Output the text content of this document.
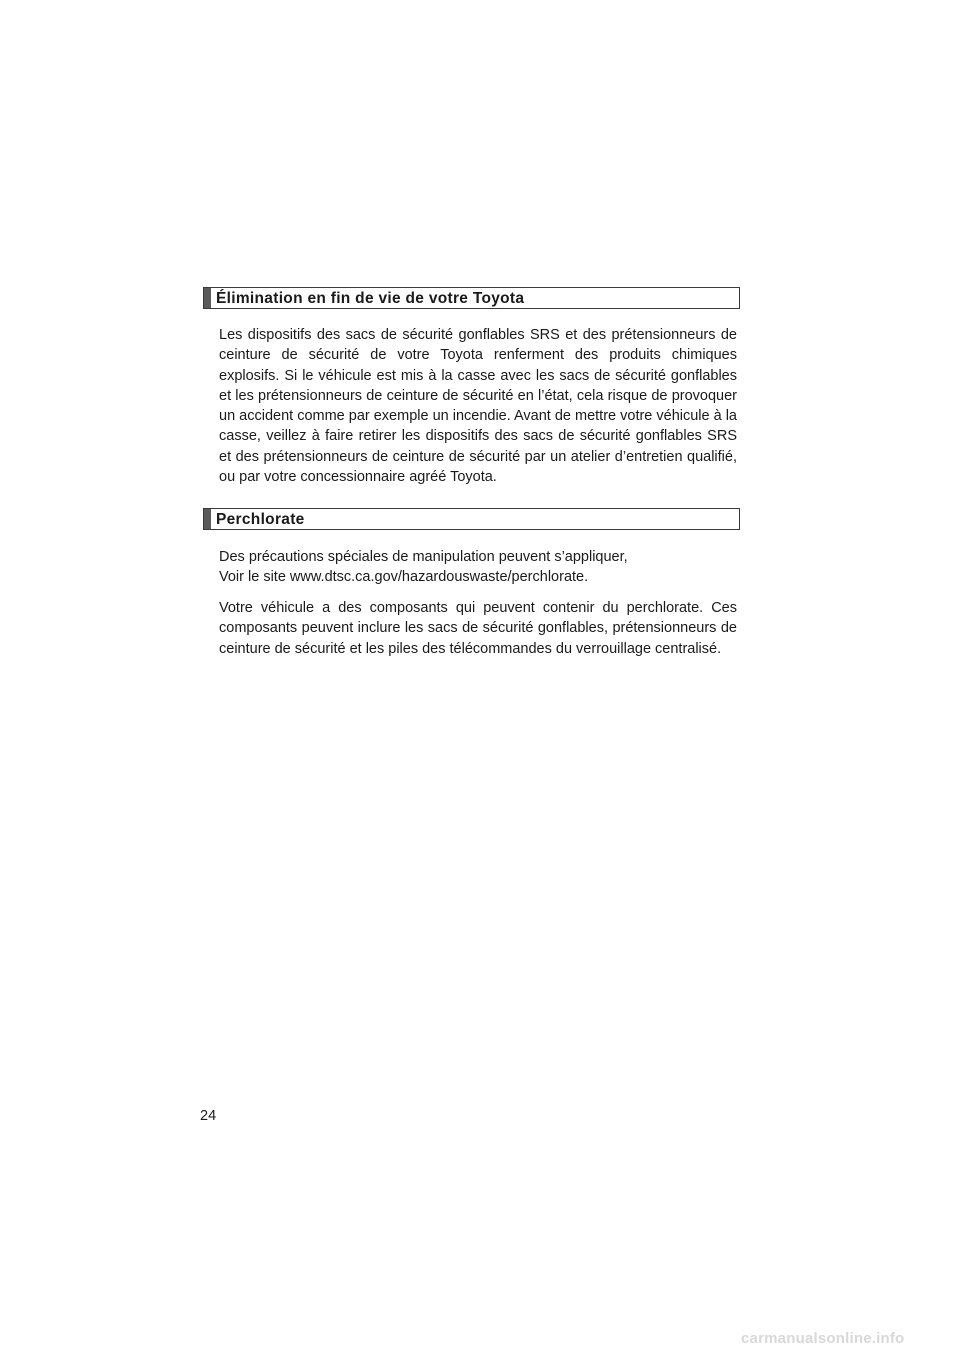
Élimination en fin de vie de votre Toyota

Les dispositifs des sacs de sécurité gonflables SRS et des prétensionneurs de ceinture de sécurité de votre Toyota renferment des produits chimiques explosifs. Si le véhicule est mis à la casse avec les sacs de sécurité gonflables et les prétensionneurs de ceinture de sécurité en l’état, cela risque de provoquer un accident comme par exemple un incendie. Avant de mettre votre véhicule à la casse, veillez à faire retirer les dispositifs des sacs de sécurité gonflables SRS et des prétensionneurs de ceinture de sécurité par un atelier d’entretien qualifié, ou par votre concessionnaire agréé Toyota.

Perchlorate

Des précautions spéciales de manipulation peuvent s’appliquer,

Voir le site www.dtsc.ca.gov/hazardouswaste/perchlorate.

Votre véhicule a des composants qui peuvent contenir du perchlorate. Ces composants peuvent inclure les sacs de sécurité gonflables, prétensionneurs de ceinture de sécurité et les piles des télécommandes du verrouillage centralisé.

24
carmanualsonline.info
